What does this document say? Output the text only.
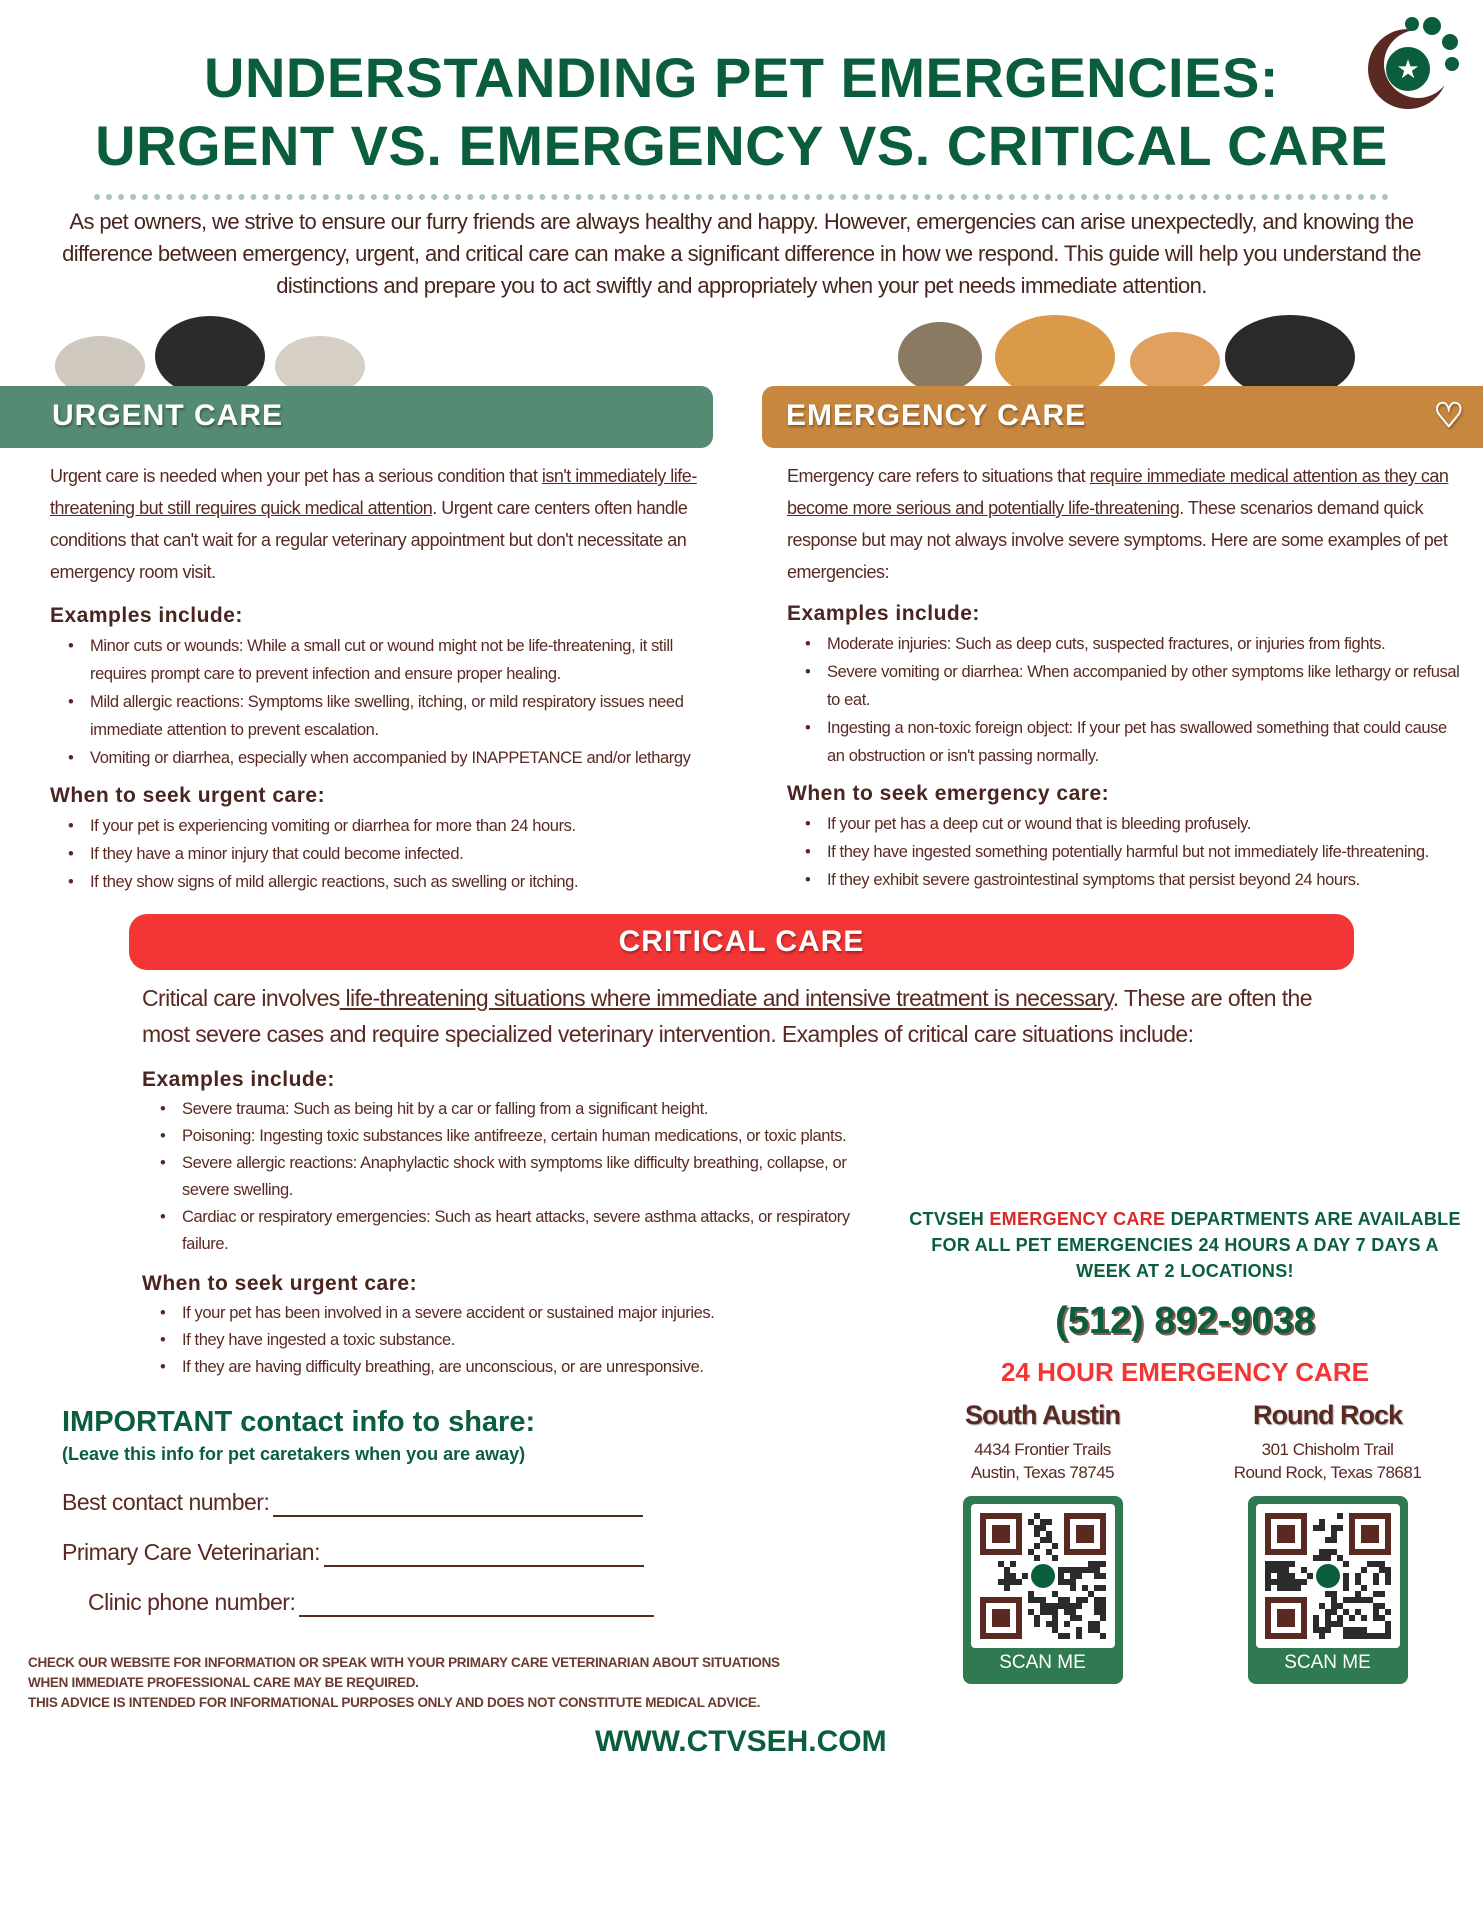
★
UNDERSTANDING PET EMERGENCIES:
URGENT VS. EMERGENCY VS. CRITICAL CARE
As pet owners, we strive to ensure our furry friends are always healthy and happy. However, emergencies can arise unexpectedly, and knowing the difference between emergency, urgent, and critical care can make a significant difference in how we respond. This guide will help you understand the distinctions and prepare you to act swiftly and appropriately when your pet needs immediate attention.
URGENT CARE

Urgent care is needed when your pet has a serious condition that isn't immediately life-threatening but still requires quick medical attention. Urgent care centers often handle conditions that can't wait for a regular veterinary appointment but don't necessitate an emergency room visit.

Examples include:
• Minor cuts or wounds: While a small cut or wound might not be life-threatening, it still requires prompt care to prevent infection and ensure proper healing.
• Mild allergic reactions: Symptoms like swelling, itching, or mild respiratory issues need immediate attention to prevent escalation.
• Vomiting or diarrhea, especially when accompanied by INAPPETANCE and/or lethargy
When to seek urgent care:
• If your pet is experiencing vomiting or diarrhea for more than 24 hours.
• If they have a minor injury that could become infected.
• If they show signs of mild allergic reactions, such as swelling or itching.
EMERGENCY CARE	♡

Emergency care refers to situations that require immediate medical attention as they can become more serious and potentially life-threatening. These scenarios demand quick response but may not always involve severe symptoms. Here are some examples of pet emergencies:

Examples include:
• Moderate injuries: Such as deep cuts, suspected fractures, or injuries from fights.
• Severe vomiting or diarrhea: When accompanied by other symptoms like lethargy or refusal to eat.
• Ingesting a non-toxic foreign object: If your pet has swallowed something that could cause an obstruction or isn't passing normally.
When to seek emergency care:
• If your pet has a deep cut or wound that is bleeding profusely.
• If they have ingested something potentially harmful but not immediately life-threatening.
• If they exhibit severe gastrointestinal symptoms that persist beyond 24 hours.
CRITICAL CARE

Critical care involves life-threatening situations where immediate and intensive treatment is necessary. These are often the most severe cases and require specialized veterinary intervention. Examples of critical care situations include:

Examples include:
• Severe trauma: Such as being hit by a car or falling from a significant height.
• Poisoning: Ingesting toxic substances like antifreeze, certain human medications, or toxic plants.
• Severe allergic reactions: Anaphylactic shock with symptoms like difficulty breathing, collapse, or severe swelling.
• Cardiac or respiratory emergencies: Such as heart attacks, severe asthma attacks, or respiratory failure.
When to seek urgent care:
• If your pet has been involved in a severe accident or sustained major injuries.
• If they have ingested a toxic substance.
• If they are having difficulty breathing, are unconscious, or are unresponsive.
IMPORTANT contact info to share:
(Leave this info for pet caretakers when you are away)
Best contact number:
Primary Care Veterinarian:
Clinic phone number:
CHECK OUR WEBSITE FOR INFORMATION OR SPEAK WITH YOUR PRIMARY CARE VETERINARIAN ABOUT SITUATIONS
WHEN IMMEDIATE PROFESSIONAL CARE MAY BE REQUIRED.
THIS ADVICE IS INTENDED FOR INFORMATIONAL PURPOSES ONLY AND DOES NOT CONSTITUTE MEDICAL ADVICE.
CTVSEH EMERGENCY CARE DEPARTMENTS ARE AVAILABLE FOR ALL PET EMERGENCIES 24 HOURS A DAY 7 DAYS A WEEK AT 2 LOCATIONS!
(512) 892-9038
24 HOUR EMERGENCY CARE
South Austin
4434 Frontier Trails
Austin, Texas 78745
SCAN ME
Round Rock
301 Chisholm Trail
Round Rock, Texas 78681
SCAN ME
WWW.CTVSEH.COM
